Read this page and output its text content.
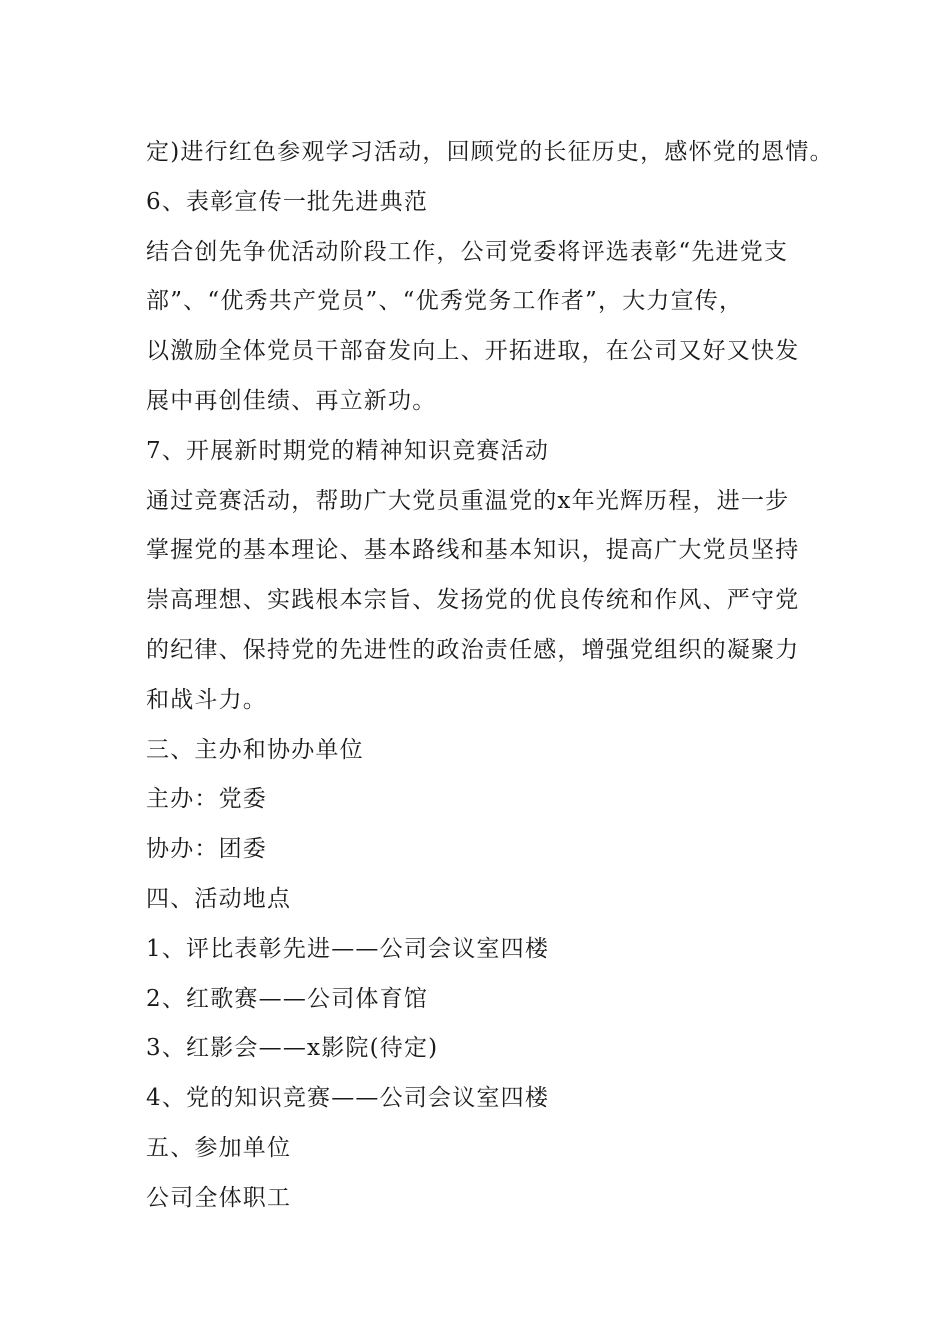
定)进行红色参观学习活动，回顾党的长征历史，感怀党的恩情。
6、表彰宣传一批先进典范
结合创先争优活动阶段工作，公司党委将评选表彰“先进党支
部”、“优秀共产党员”、“优秀党务工作者”，大力宣传，
以激励全体党员干部奋发向上、开拓进取，在公司又好又快发
展中再创佳绩、再立新功。
7、开展新时期党的精神知识竞赛活动
通过竞赛活动，帮助广大党员重温党的x年光辉历程，进一步
掌握党的基本理论、基本路线和基本知识，提高广大党员坚持
崇高理想、实践根本宗旨、发扬党的优良传统和作风、严守党
的纪律、保持党的先进性的政治责任感，增强党组织的凝聚力
和战斗力。
三、主办和协办单位
主办：党委
协办：团委
四、活动地点
1、评比表彰先进——公司会议室四楼
2、红歌赛——公司体育馆
3、红影会——x影院(待定)
4、党的知识竞赛——公司会议室四楼
五、参加单位
公司全体职工
